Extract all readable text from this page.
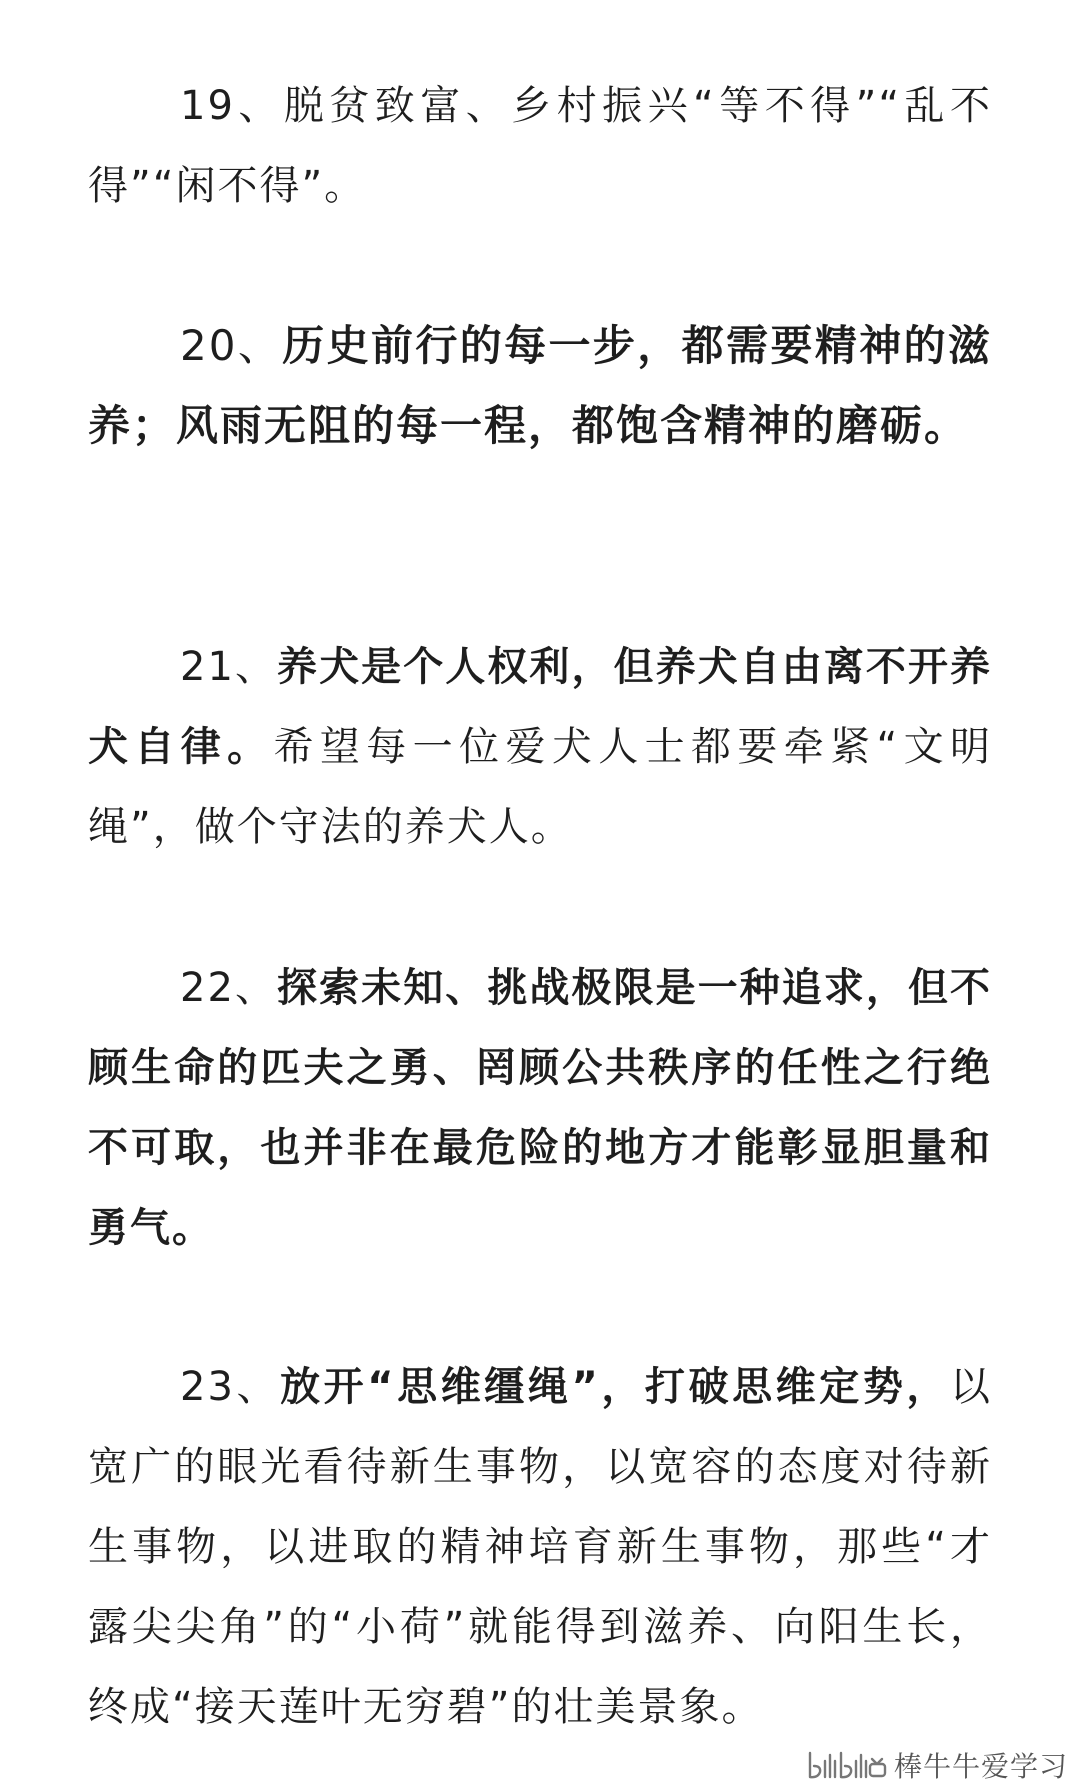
19、脱贫致富、乡村振兴“等不得”“乱不得”“闲不得”。

20、历史前行的每一步，都需要精神的滋养；风雨无阻的每一程，都饱含精神的磨砺。

21、养犬是个人权利，但养犬自由离不开养犬自律。希望每一位爱犬人士都要牵紧“文明绳”，做个守法的养犬人。

22、探索未知、挑战极限是一种追求，但不顾生命的匹夫之勇、罔顾公共秩序的任性之行绝不可取，也并非在最危险的地方才能彰显胆量和勇气。

23、放开“思维缰绳”，打破思维定势，以宽广的眼光看待新生事物，以宽容的态度对待新生事物，以进取的精神培育新生事物，那些“才露尖尖角”的“小荷”就能得到滋养、向阳生长，终成“接天莲叶无穷碧”的壮美景象。

棒牛牛爱学习
